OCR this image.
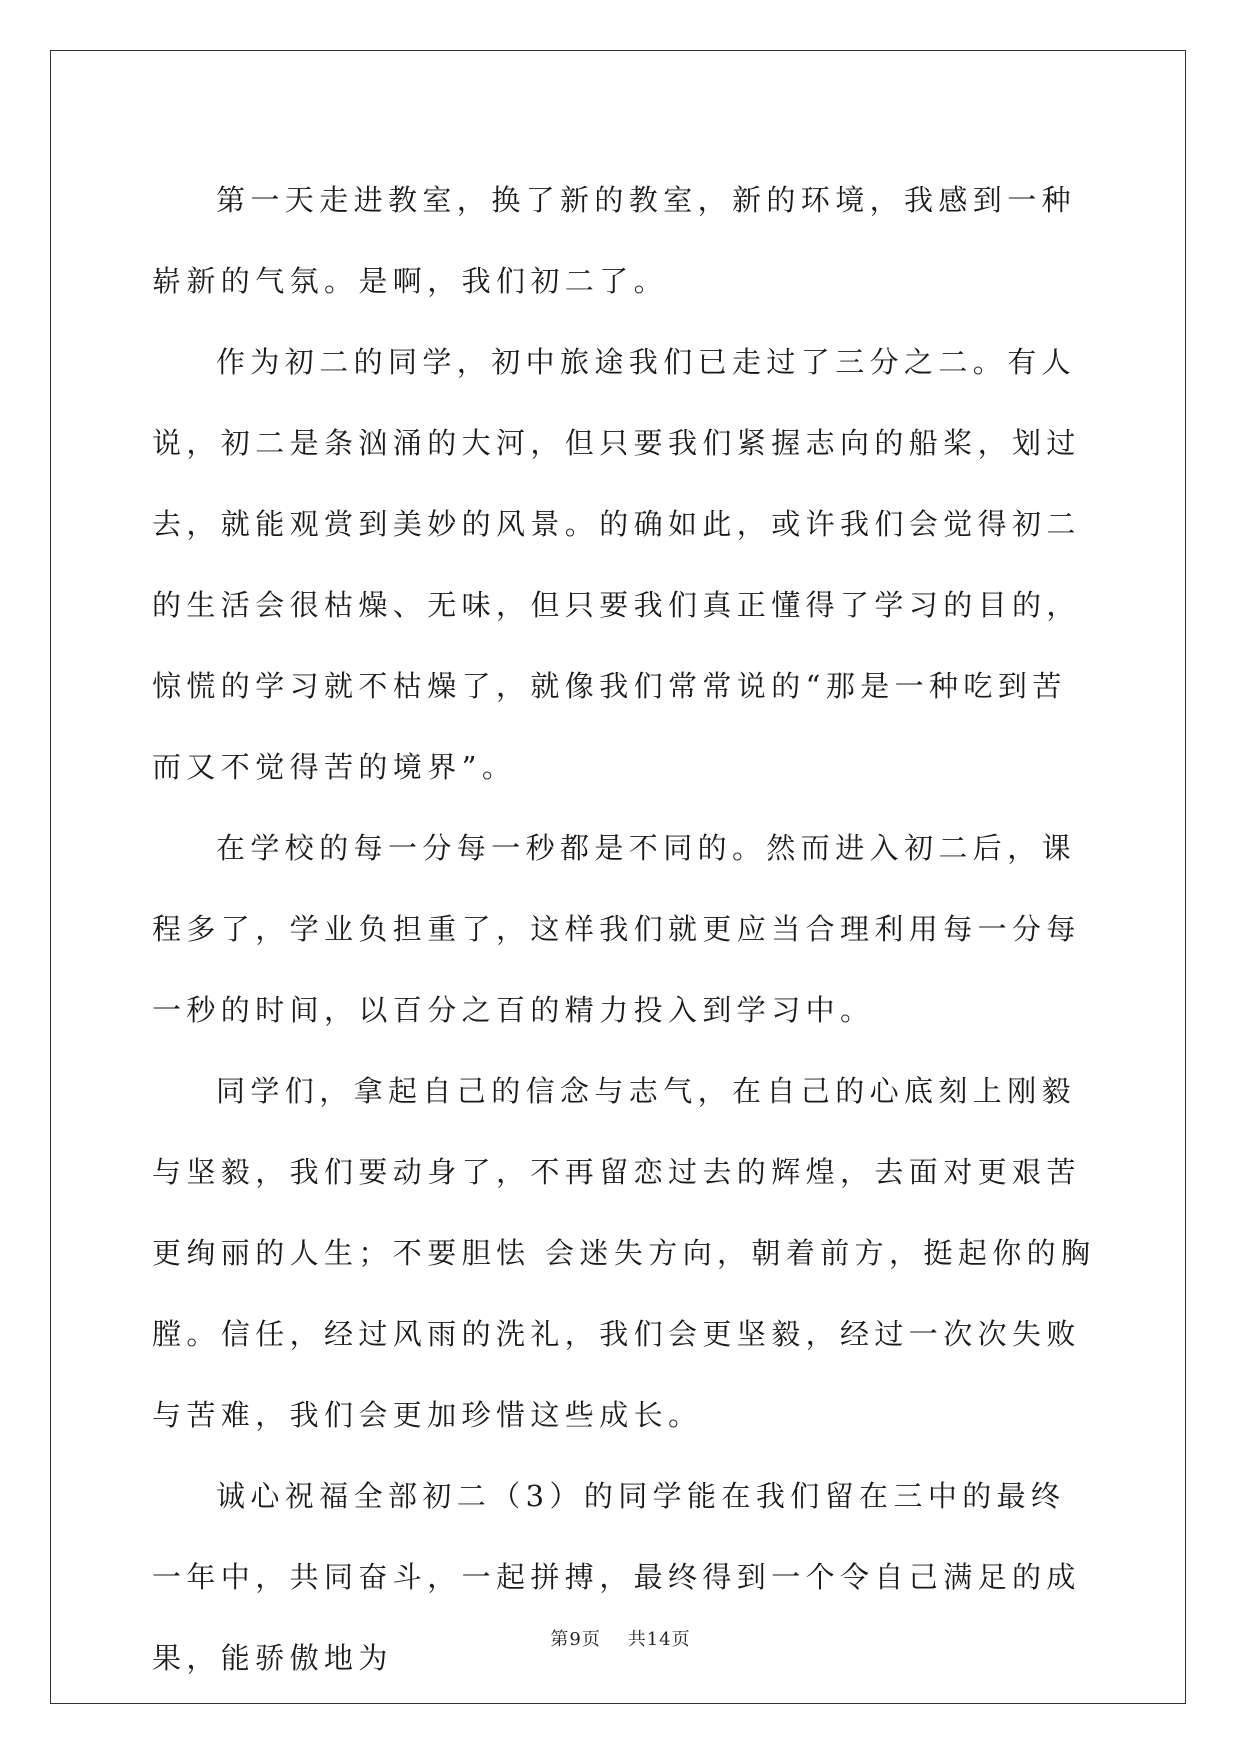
第一天走进教室，换了新的教室，新的环境，我感到一种崭新的气氛。是啊，我们初二了。

作为初二的同学，初中旅途我们已走过了三分之二。有人说，初二是条汹涌的大河，但只要我们紧握志向的船桨，划过去，就能观赏到美妙的风景。的确如此，或许我们会觉得初二的生活会很枯燥、无味，但只要我们真正懂得了学习的目的，惊慌的学习就不枯燥了，就像我们常常说的“那是一种吃到苦而又不觉得苦的境界”。

在学校的每一分每一秒都是不同的。然而进入初二后，课程多了，学业负担重了，这样我们就更应当合理利用每一分每一秒的时间，以百分之百的精力投入到学习中。

同学们，拿起自己的信念与志气，在自己的心底刻上刚毅与坚毅，我们要动身了，不再留恋过去的辉煌，去面对更艰苦更绚丽的人生；不要胆怯 会迷失方向，朝着前方，挺起你的胸膛。信任，经过风雨的洗礼，我们会更坚毅，经过一次次失败与苦难，我们会更加珍惜这些成长。

诚心祝福全部初二（3）的同学能在我们留在三中的最终一年中，共同奋斗，一起拼搏，最终得到一个令自己满足的成果，能骄傲地为

第9页 共14页
